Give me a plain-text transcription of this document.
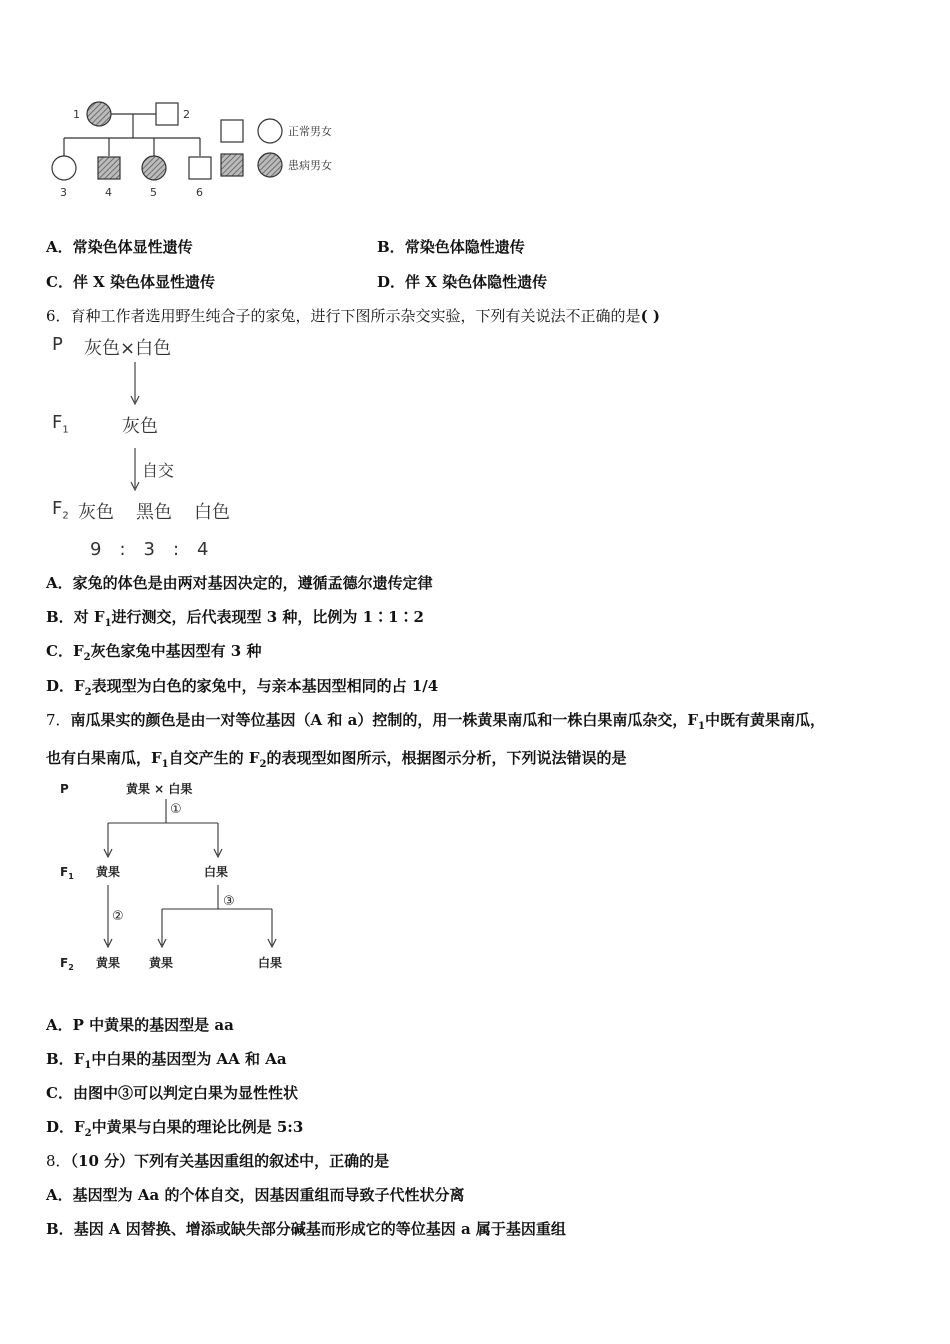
1	2
3	4	5	6
正常男女
患病男女
A．常染色体显性遗传	B．常染色体隐性遗传
C．伴 X 染色体显性遗传	D．伴 X 染色体隐性遗传
6．育种工作者选用野生纯合子的家兔，进行下图所示杂交实验，下列有关说法不正确的是( )
P 灰色×白色
$F_1$	灰色
自交
$F_2$ 灰色 黑色 白色
9　:　3　:　4
A．家兔的体色是由两对基因决定的，遵循孟德尔遗传定律
B．对 $F_1$进行测交，后代表现型 3 种，比例为 1∶1∶2
C．$F_2$灰色家兔中基因型有 3 种
D．$F_2$表现型为白色的家兔中，与亲本基因型相同的占 1/4
7．南瓜果实的颜色是由一对等位基因（A 和 a）控制的，用一株黄果南瓜和一株白果南瓜杂交，$F_1$中既有黄果南瓜，
也有白果南瓜，$F_1$自交产生的 $F_2$的表现型如图所示，根据图示分析，下列说法错误的是
P	黄果 × 白果
①
$F_1$ 黄果	白果
②
③
$F_2$ 黄果 黄果	白果
A．P 中黄果的基因型是 aa
B．$F_1$中白果的基因型为 AA 和 Aa
C．由图中③可以判定白果为显性性状
D．$F_2$中黄果与白果的理论比例是 5:3
8．（10 分）下列有关基因重组的叙述中，正确的是
A．基因型为 Aa 的个体自交，因基因重组而导致子代性状分离
B．基因 A 因替换、增添或缺失部分碱基而形成它的等位基因 a 属于基因重组
